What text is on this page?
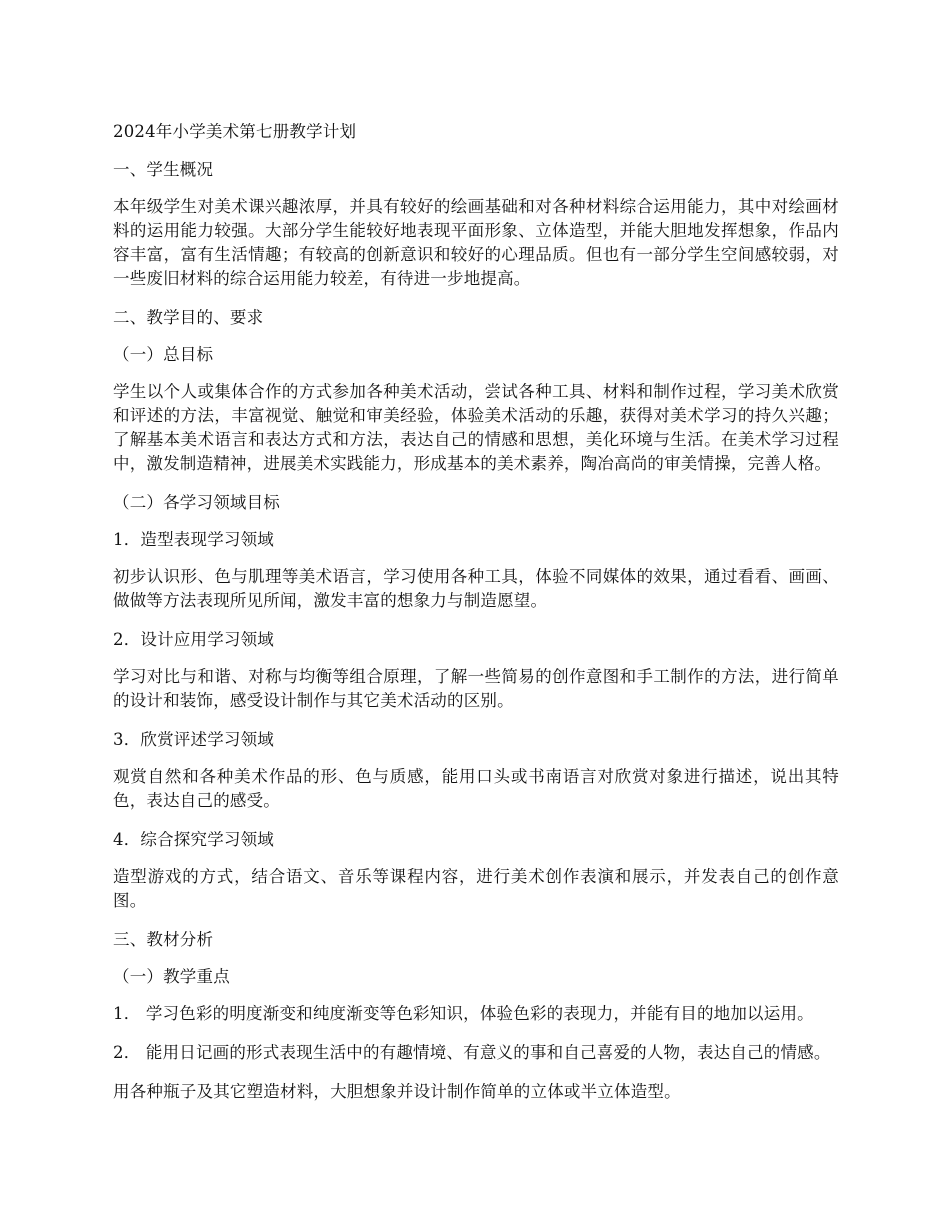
2024年小学美术第七册教学计划

一、学生概况

本年级学生对美术课兴趣浓厚，并具有较好的绘画基础和对各种材料综合运用能力，其中对绘画材料的运用能力较强。大部分学生能较好地表现平面形象、立体造型，并能大胆地发挥想象，作品内容丰富，富有生活情趣；有较高的创新意识和较好的心理品质。但也有一部分学生空间感较弱，对一些废旧材料的综合运用能力较差，有待进一步地提高。

二、教学目的、要求

（一）总目标

学生以个人或集体合作的方式参加各种美术活动，尝试各种工具、材料和制作过程，学习美术欣赏和评述的方法，丰富视觉、触觉和审美经验，体验美术活动的乐趣，获得对美术学习的持久兴趣；了解基本美术语言和表达方式和方法，表达自己的情感和思想，美化环境与生活。在美术学习过程中，激发制造精神，进展美术实践能力，形成基本的美术素养，陶冶高尚的审美情操，完善人格。

（二）各学习领域目标

1．造型表现学习领域

初步认识形、色与肌理等美术语言，学习使用各种工具，体验不同媒体的效果，通过看看、画画、做做等方法表现所见所闻，激发丰富的想象力与制造愿望。

2．设计应用学习领域

学习对比与和谐、对称与均衡等组合原理，了解一些简易的创作意图和手工制作的方法，进行简单的设计和装饰，感受设计制作与其它美术活动的区别。

3．欣赏评述学习领域

观赏自然和各种美术作品的形、色与质感，能用口头或书南语言对欣赏对象进行描述，说出其特色，表达自己的感受。

4．综合探究学习领域

造型游戏的方式，结合语文、音乐等课程内容，进行美术创作表演和展示，并发表自己的创作意图。

三、教材分析

（一）教学重点

1． 学习色彩的明度渐变和纯度渐变等色彩知识，体验色彩的表现力，并能有目的地加以运用。

2． 能用日记画的形式表现生活中的有趣情境、有意义的事和自己喜爱的人物，表达自己的情感。

用各种瓶子及其它塑造材料，大胆想象并设计制作简单的立体或半立体造型。
